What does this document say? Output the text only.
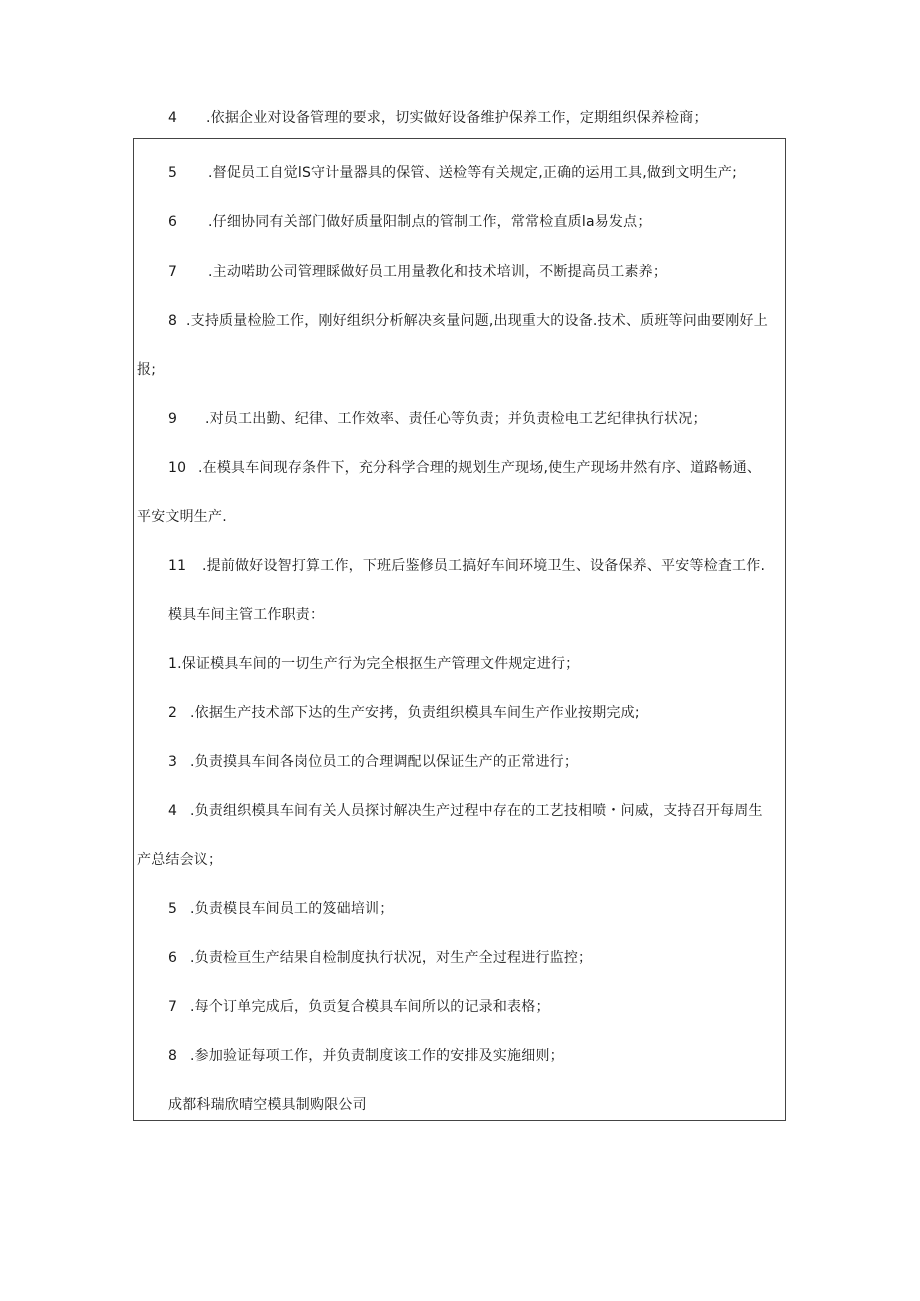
4 .依据企业对设备管理的要求，切实做好设备维护保养工作，定期组织保养检商；
5 .督促员工自觉lS守计量器具的保管、送检等有关规定,正确的运用工具,做到文明生产;
6 .仔细协同有关部门做好质量阳制点的管制工作，常常检直质la易发点；
7 .主动喏助公司管理睬做好员工用量教化和技术培训，不断提高员工素养；
8 .支持质量检脸工作，刚好组织分析解决亥量问题,出现重大的设备.技术、质班等问曲要刚好上
报;
9 .对员工出勤、纪律、工作效率、责任心等负责；并负责检电工艺纪律执行状况；
10 .在模具车间现存条件下，充分科学合理的规划生产现场,使生产现场井然有序、道路畅通、
平安文明生产.
11 .提前做好设智打算工作，下班后鉴修员工搞好车间环境卫生、设备保养、平安等检査工作.
模具车间主管工作职责：
1.保证模具车间的一切生产行为完全根抠生产管理文件规定进行；
2 .依据生产技术部下达的生产安拷，负责组织模具车间生产作业按期完成;
3 .负责摸具车间各岗位员工的合理调配以保证生产的正常进行；
4 .负责组织模具车间有关人员探讨解决生产过程中存在的工艺技相喷・问威，支持召开每周生
产总结会议；
5 .负责模艮车间员工的笈础培训；
6 .负责检亘生产结果自检制度执行状况，对生产全过程进行监控；
7 .每个订单完成后，负贡复合模具车间所以的记录和表格；
8 .参加验证每项工作，并负责制度该工作的安排及实施细则；
成都科瑞欣晴空模具制购限公司
